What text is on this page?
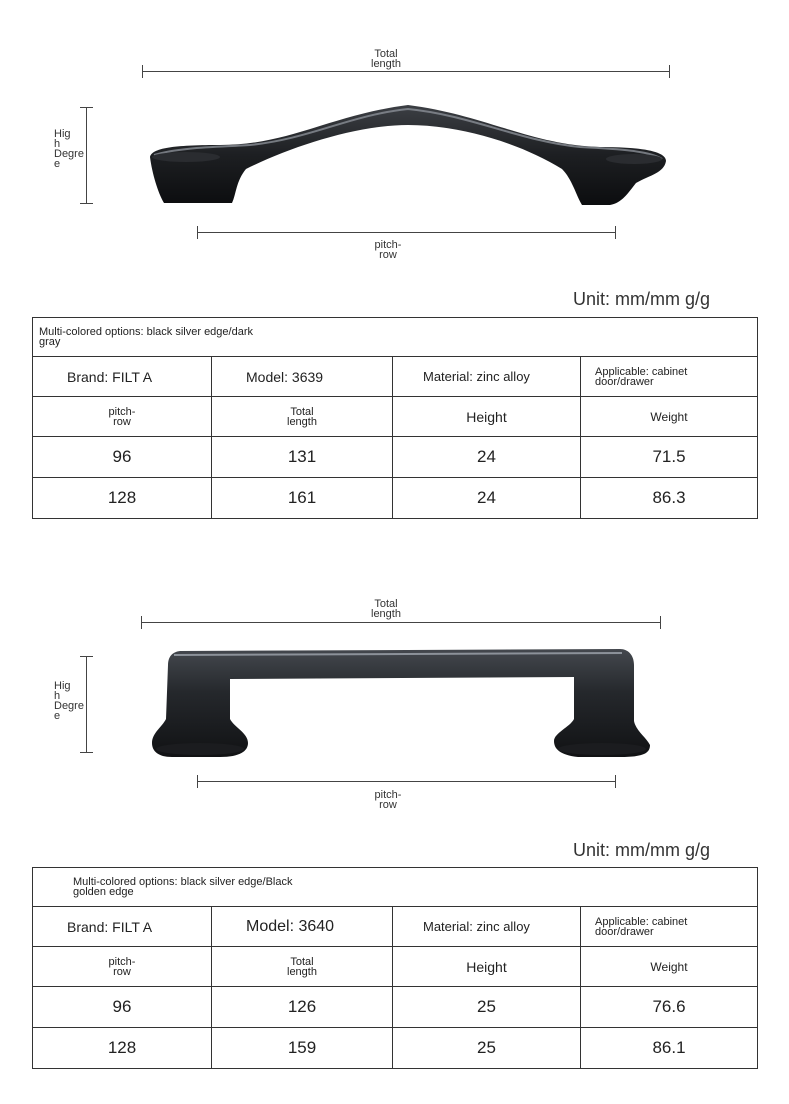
Total
length
Hig
h
Degre
e
pitch-
row
Unit: mm/mm g/g
Multi-colored options: black silver edge/dark
gray			
Brand: FILT A	Model: 3639	Material: zinc alloy	Applicable: cabinet
door/drawer
pitch-
row	Total
length	Height	Weight
96	131	24	71.5
128	161	24	86.3
Total
length
Hig
h
Degre
e
pitch-
row
Unit: mm/mm g/g
Multi-colored options: black silver edge/Black
golden edge			
Brand: FILT A	Model: 3640	Material: zinc alloy	Applicable: cabinet
door/drawer
pitch-
row	Total
length	Height	Weight
96	126	25	76.6
128	159	25	86.1
